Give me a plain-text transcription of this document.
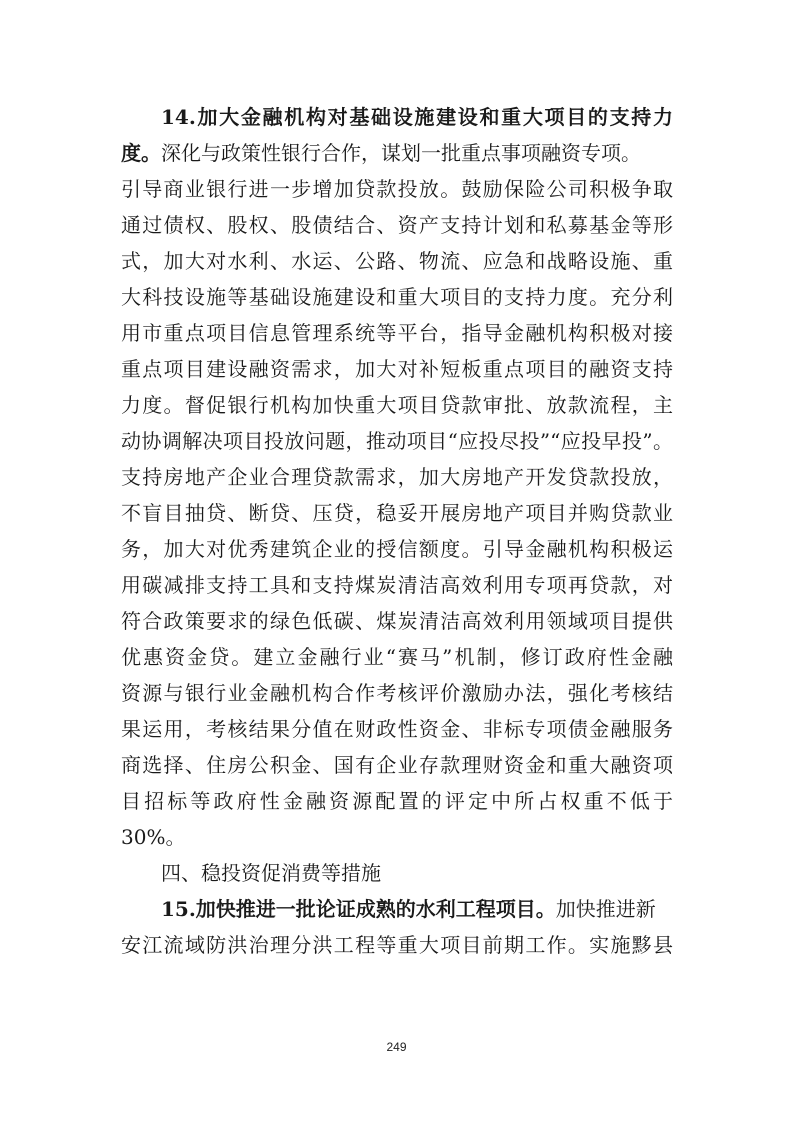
14.加大金融机构对基础设施建设和重大项目的支持力
度。深化与政策性银行合作，谋划一批重点事项融资专项。
引导商业银行进一步增加贷款投放。鼓励保险公司积极争取
通过债权、股权、股债结合、资产支持计划和私募基金等形
式，加大对水利、水运、公路、物流、应急和战略设施、重
大科技设施等基础设施建设和重大项目的支持力度。充分利
用市重点项目信息管理系统等平台，指导金融机构积极对接
重点项目建设融资需求，加大对补短板重点项目的融资支持
力度。督促银行机构加快重大项目贷款审批、放款流程，主
动协调解决项目投放问题，推动项目“应投尽投”“应投早投”。
支持房地产企业合理贷款需求，加大房地产开发贷款投放，
不盲目抽贷、断贷、压贷，稳妥开展房地产项目并购贷款业
务，加大对优秀建筑企业的授信额度。引导金融机构积极运
用碳减排支持工具和支持煤炭清洁高效利用专项再贷款，对
符合政策要求的绿色低碳、煤炭清洁高效利用领域项目提供
优惠资金贷。建立金融行业“赛马”机制，修订政府性金融
资源与银行业金融机构合作考核评价激励办法，强化考核结
果运用，考核结果分值在财政性资金、非标专项债金融服务
商选择、住房公积金、国有企业存款理财资金和重大融资项
目招标等政府性金融资源配置的评定中所占权重不低于
30%。
四、稳投资促消费等措施
249
15.加快推进一批论证成熟的水利工程项目。加快推进新
安江流域防洪治理分洪工程等重大项目前期工作。实施黟县
